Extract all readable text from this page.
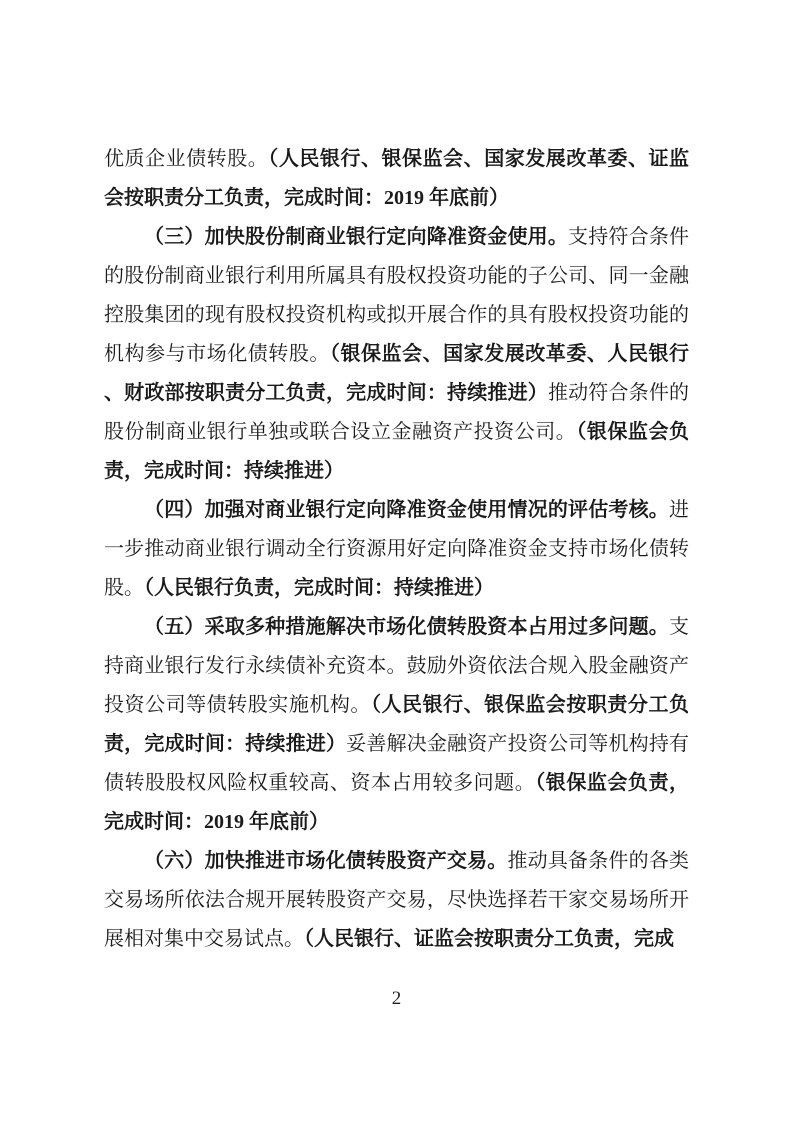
优质企业债转股。（人民银行、银保监会、国家发展改革委、证监会按职责分工负责，完成时间：2019 年底前）

（三）加快股份制商业银行定向降准资金使用。支持符合条件的股份制商业银行利用所属具有股权投资功能的子公司、同一金融控股集团的现有股权投资机构或拟开展合作的具有股权投资功能的机构参与市场化债转股。（银保监会、国家发展改革委、人民银行、财政部按职责分工负责，完成时间：持续推进）推动符合条件的股份制商业银行单独或联合设立金融资产投资公司。（银保监会负责，完成时间：持续推进）

（四）加强对商业银行定向降准资金使用情况的评估考核。进一步推动商业银行调动全行资源用好定向降准资金支持市场化债转股。（人民银行负责，完成时间：持续推进）

（五）采取多种措施解决市场化债转股资本占用过多问题。支持商业银行发行永续债补充资本。鼓励外资依法合规入股金融资产投资公司等债转股实施机构。（人民银行、银保监会按职责分工负责，完成时间：持续推进）妥善解决金融资产投资公司等机构持有债转股股权风险权重较高、资本占用较多问题。（银保监会负责，完成时间：2019 年底前）

（六）加快推进市场化债转股资产交易。推动具备条件的各类交易场所依法合规开展转股资产交易，尽快选择若干家交易场所开展相对集中交易试点。（人民银行、证监会按职责分工负责，完成

2
